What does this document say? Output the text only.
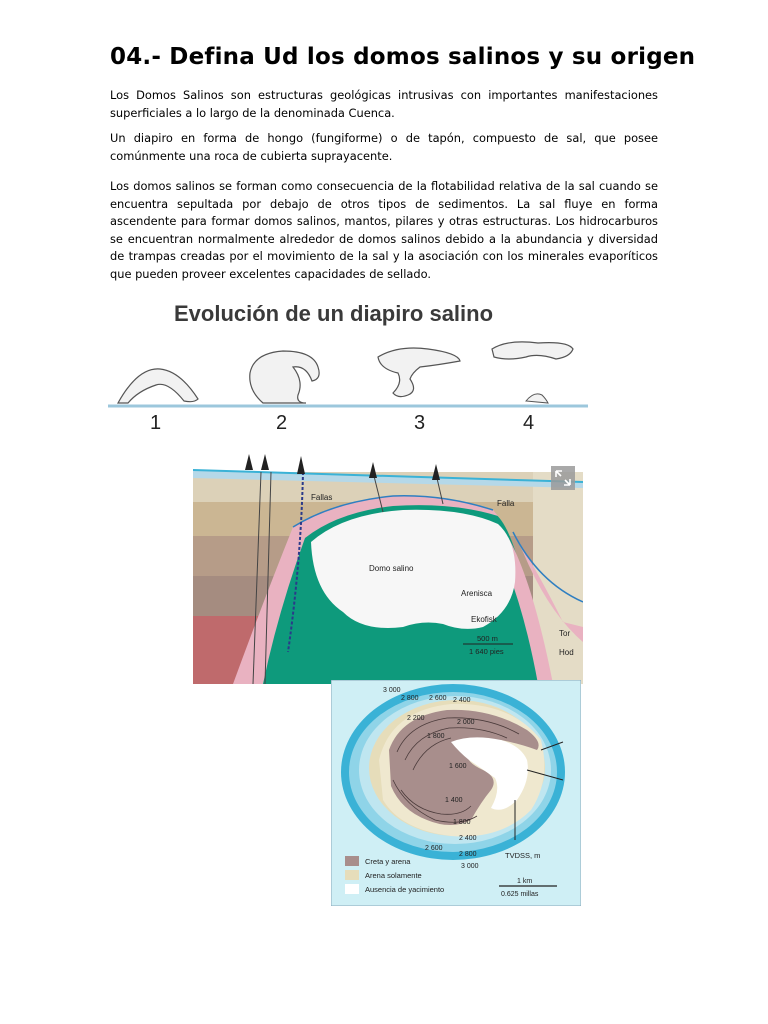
04.- Defina Ud los domos salinos y su origen

Los Domos Salinos son estructuras geológicas intrusivas con importantes manifestaciones superficiales a lo largo de la denominada Cuenca.

Un diapiro en forma de hongo (fungiforme) o de tapón, compuesto de sal, que posee comúnmente una roca de cubierta suprayacente.

Los domos salinos se forman como consecuencia de la flotabilidad relativa de la sal cuando se encuentra sepultada por debajo de otros tipos de sedimentos. La sal fluye en forma ascendente para formar domos salinos, mantos, pilares y otras estructuras. Los hidrocarburos se encuentran normalmente alrededor de domos salinos debido a la abundancia y diversidad de trampas creadas por el movimiento de la sal y la asociación con los minerales evaporíticos que pueden proveer excelentes capacidades de sellado.

Evolución de un diapiro salino
1	2	3	4
Fallas
Falla
Domo salino
Arenisca
Ekofisk
Tor
Hod
500 m
1 640 pies
3 000
2 800 2 600 2 400
2 200
2 000
1 800
1 600
1 400
1 800
2 400
2 600
2 800
3 000
Creta y arena
Arena solamente
Ausencia de yacimiento
TVDSS, m
1 km
0.625 millas
